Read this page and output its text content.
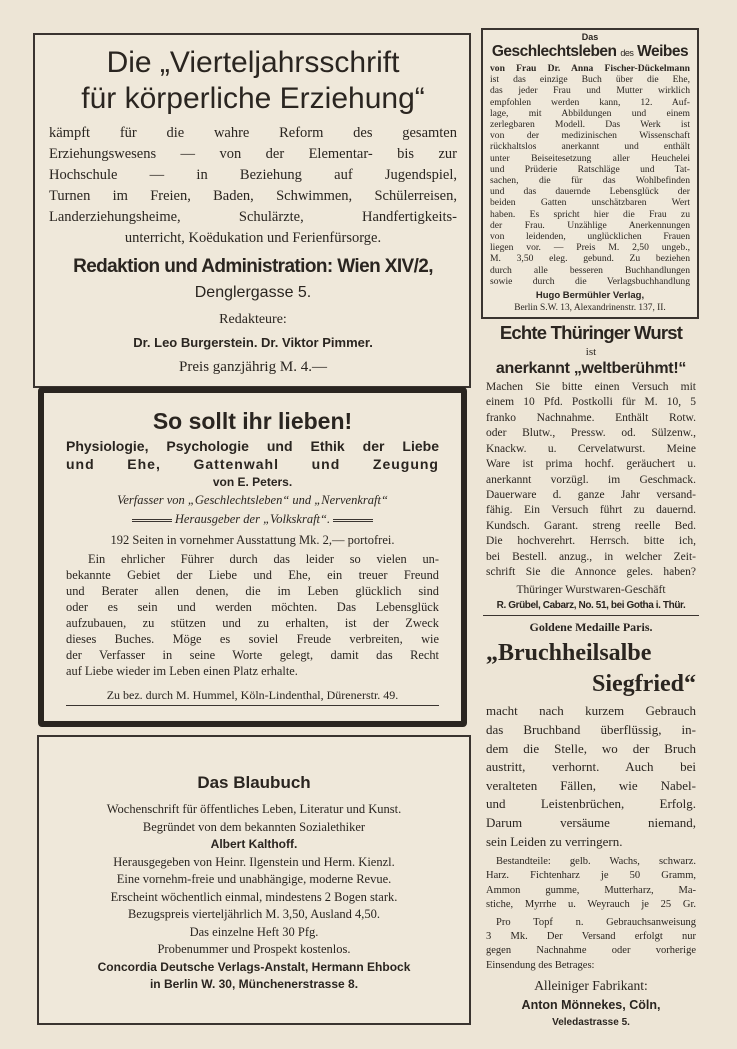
Die „Vierteljahrsschrift
für körperliche Erziehung“
kämpft für die wahre Reform des gesamten
Erziehungswesens — von der Elementar- bis zur
Hochschule — in Beziehung auf Jugendspiel,
Turnen im Freien, Baden, Schwimmen, Schülerreisen,
Landerziehungsheime, Schulärzte, Handfertigkeits-
unterricht, Koëdukation und Ferienfürsorge.
Redaktion und Administration: Wien XIV/2,
Denglergasse 5.
Redakteure:
Dr. Leo Burgerstein. Dr. Viktor Pimmer.
Preis ganzjährig M. 4.—
So sollt ihr lieben!
Physiologie, Psychologie und Ethik der Liebe
und Ehe, Gattenwahl und Zeugung
von E. Peters.
Verfasser von „Geschlechtsleben“ und „Nervenkraft“
Herausgeber der „Volkskraft“.
192 Seiten in vornehmer Ausstattung Mk. 2,— portofrei.
Ein ehrlicher Führer durch das leider so vielen un-
bekannte Gebiet der Liebe und Ehe, ein treuer Freund
und Berater allen denen, die im Leben glücklich sind
oder es sein und werden möchten. Das Lebensglück
aufzubauen, zu stützen und zu erhalten, ist der Zweck
dieses Buches. Möge es soviel Freude verbreiten, wie
der Verfasser in seine Worte gelegt, damit das Recht
auf Liebe wieder im Leben einen Platz erhalte.
Zu bez. durch M. Hummel, Köln-Lindenthal, Dürenerstr. 49.
Das Blaubuch
Wochenschrift für öffentliches Leben, Literatur und Kunst.
Begründet von dem bekannten Sozialethiker
Albert Kalthoff.
Herausgegeben von Heinr. Ilgenstein und Herm. Kienzl.
Eine vornehm-freie und unabhängige, moderne Revue.
Erscheint wöchentlich einmal, mindestens 2 Bogen stark.
Bezugspreis vierteljährlich M. 3,50, Ausland 4,50.
Das einzelne Heft 30 Pfg.
Probenummer und Prospekt kostenlos.
Concordia Deutsche Verlags-Anstalt, Hermann Ehbock
in Berlin W. 30, Münchenerstrasse 8.
Das
Geschlechtsleben des Weibes
von Frau Dr. Anna Fischer-Dückelmann
ist das einzige Buch über die Ehe,
das jeder Frau und Mutter wirklich
empfohlen werden kann, 12. Auf-
lage, mit Abbildungen und einem
zerlegbaren Modell. Das Werk ist
von der medizinischen Wissenschaft
rückhaltslos anerkannt und enthält
unter Beiseitesetzung aller Heuchelei
und Prüderie Ratschläge und Tat-
sachen, die für das Wohlbefinden
und das dauernde Lebensglück der
beiden Gatten unschätzbaren Wert
haben. Es spricht hier die Frau zu
der Frau. Unzählige Anerkennungen
von leidenden, unglücklichen Frauen
liegen vor. — Preis M. 2,50 ungeb.,
M. 3,50 eleg. gebund. Zu beziehen
durch alle besseren Buchhandlungen
sowie durch die Verlagsbuchhandlung
Hugo Bermühler Verlag,
Berlin S.W. 13, Alexandrinenstr. 137, II.
Echte Thüringer Wurst
ist
anerkannt „weltberühmt!“
Machen Sie bitte einen Versuch mit
einem 10 Pfd. Postkolli für M. 10, 5
franko Nachnahme. Enthält Rotw.
oder Blutw., Pressw. od. Sülzenw.,
Knackw. u. Cervelatwurst. Meine
Ware ist prima hochf. geräuchert u.
anerkannt vorzügl. im Geschmack.
Dauerware d. ganze Jahr versand-
fähig. Ein Versuch führt zu dauernd.
Kundsch. Garant. streng reelle Bed.
Die hochverehrt. Herrsch. bitte ich,
bei Bestell. anzug., in welcher Zeit-
schrift Sie die Annonce geles. haben?
Thüringer Wurstwaren-Geschäft
R. Grübel, Cabarz, No. 51, bei Gotha i. Thür.
Goldene Medaille Paris.
„Bruchheilsalbe
Siegfried“
macht nach kurzem Gebrauch
das Bruchband überflüssig, in-
dem die Stelle, wo der Bruch
austritt, verhornt. Auch bei
veralteten Fällen, wie Nabel-
und Leistenbrüchen, Erfolg.
Darum versäume niemand,
sein Leiden zu verringern.
Bestandteile: gelb. Wachs, schwarz.
Harz. Fichtenharz je 50 Gramm,
Ammon gumme, Mutterharz, Ma-
stiche, Myrrhe u. Weyrauch je 25 Gr.
Pro Topf n. Gebrauchsanweisung
3 Mk. Der Versand erfolgt nur
gegen Nachnahme oder vorherige
Einsendung des Betrages:
Alleiniger Fabrikant:
Anton Mönnekes, Cöln,
Veledastrasse 5.
